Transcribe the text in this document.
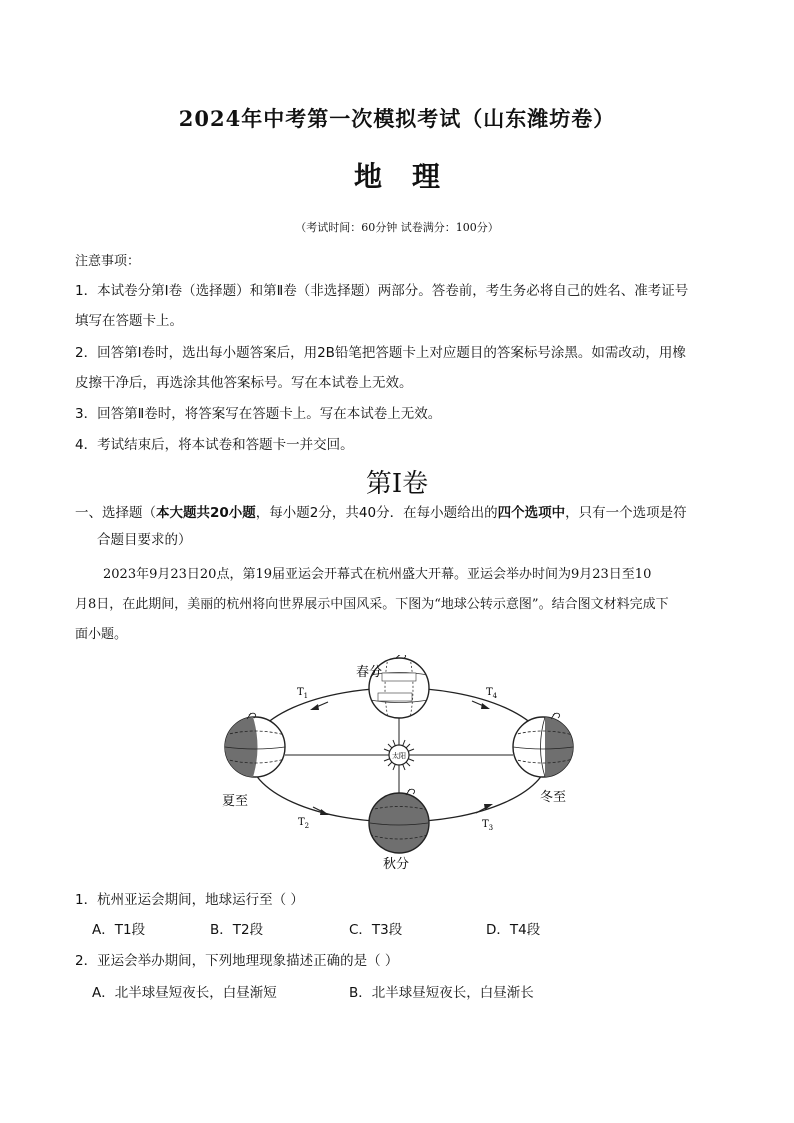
2024年中考第一次模拟考试（山东潍坊卷）
地理
（考试时间：60分钟 试卷满分：100分）
注意事项：
1．本试卷分第Ⅰ卷（选择题）和第Ⅱ卷（非选择题）两部分。答卷前，考生务必将自己的姓名、准考证号
填写在答题卡上。
2．回答第Ⅰ卷时，选出每小题答案后，用2B铅笔把答题卡上对应题目的答案标号涂黑。如需改动，用橡
皮擦干净后，再选涂其他答案标号。写在本试卷上无效。
3．回答第Ⅱ卷时，将答案写在答题卡上。写在本试卷上无效。
4．考试结束后，将本试卷和答题卡一并交回。
第Ⅰ卷
一、选择题（本大题共20小题，每小题2分，共40分．在每小题给出的四个选项中，只有一个选项是符
合题目要求的）
2023年9月23日20点，第19届亚运会开幕式在杭州盛大开幕。亚运会举办时间为9月23日至10
月8日，在此期间，美丽的杭州将向世界展示中国风采。下图为“地球公转示意图”。结合图文材料完成下
面小题。
太阳
春分
夏至	冬至
秋分
$T_1$	$T_4$
$T_2$	$T_3$
1．杭州亚运会期间，地球运行至（ ）
A．T1段	B．T2段	C．T3段	D．T4段
2．亚运会举办期间，下列地理现象描述正确的是（ ）
A．北半球昼短夜长，白昼渐短	B．北半球昼短夜长，白昼渐长
